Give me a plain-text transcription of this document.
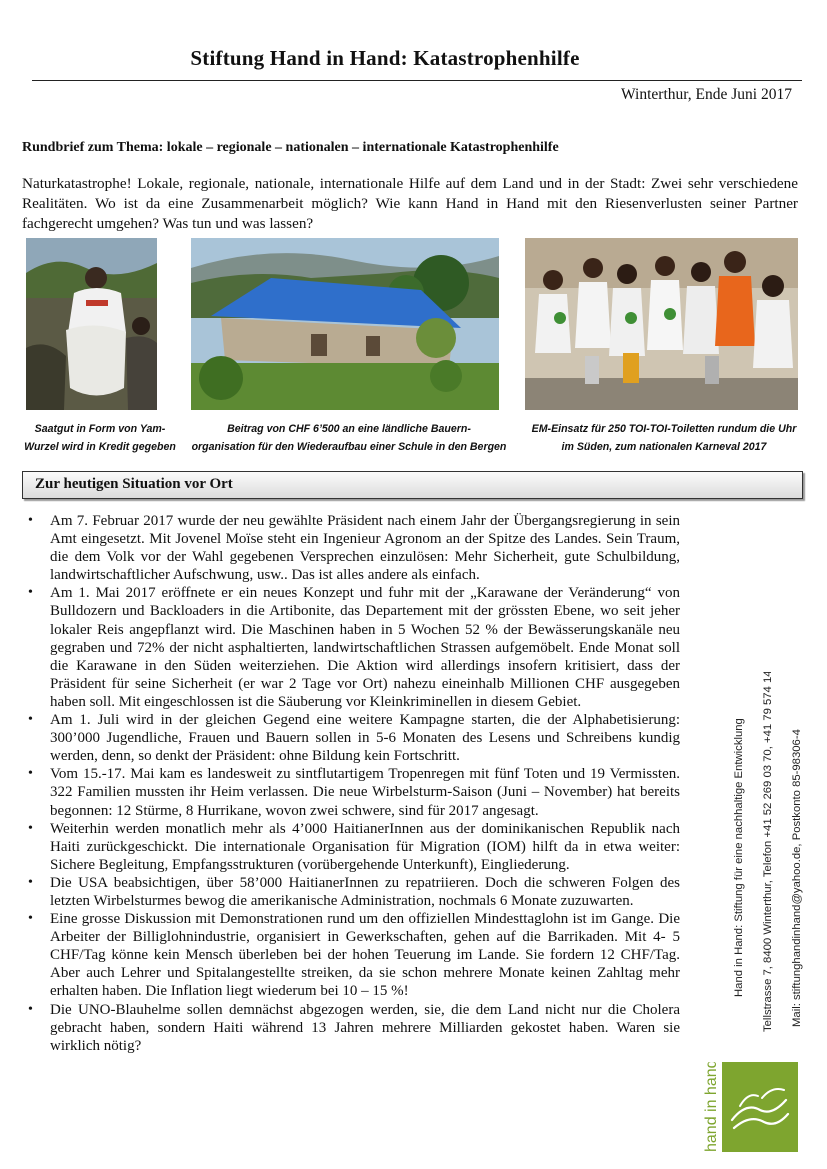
Stiftung Hand in Hand: Katastrophenhilfe
Winterthur, Ende Juni 2017
Rundbrief zum Thema: lokale – regionale – nationalen – internationale Katastrophenhilfe
Naturkatastrophe! Lokale, regionale, nationale, internationale Hilfe auf dem Land und in der Stadt: Zwei sehr verschiedene Realitäten. Wo ist da eine Zusammenarbeit möglich? Wie kann Hand in Hand mit den Riesenverlusten seiner Partner fachgerecht umgehen? Was tun und was lassen?
Saatgut in Form von Yam-
Wurzel wird in Kredit gegeben
Beitrag von CHF 6’500 an eine ländliche Bauern-
organisation für den Wiederaufbau einer Schule in den Bergen
EM-Einsatz für 250 TOI-TOI-Toiletten rundum die Uhr
im Süden, zum nationalen Karneval 2017
Zur heutigen Situation vor Ort
• Am 7. Februar 2017 wurde der neu gewählte Präsident nach einem Jahr der Übergangsregierung in sein Amt eingesetzt. Mit Jovenel Moïse steht ein Ingenieur Agronom an der Spitze des Landes. Sein Traum, die dem Volk vor der Wahl gegebenen Versprechen einzulösen: Mehr Sicherheit, gute Schulbildung, landwirtschaftlicher Aufschwung, usw.. Das ist alles andere als einfach.
• Am 1. Mai 2017 eröffnete er ein neues Konzept und fuhr mit der „Karawane der Veränderung“ von Bulldozern und Backloaders in die Artibonite, das Departement mit der grössten Ebene, wo seit jeher lokaler Reis angepflanzt wird. Die Maschinen haben in 5 Wochen 52 % der Bewässerungskanäle neu gegraben und 72% der nicht asphaltierten, landwirtschaftlichen Strassen aufgemöbelt. Ende Monat soll die Karawane in den Süden weiterziehen. Die Aktion wird allerdings insofern kritisiert, dass der Präsident für seine Sicherheit (er war 2 Tage vor Ort) nahezu eineinhalb Millionen CHF ausgegeben haben soll. Mit eingeschlossen ist die Säuberung vor Kleinkriminellen in diesem Gebiet.
• Am 1. Juli wird in der gleichen Gegend eine weitere Kampagne starten, die der Alphabetisierung: 300’000 Jugendliche, Frauen und Bauern sollen in 5-6 Monaten des Lesens und Schreibens kundig werden, denn, so denkt der Präsident: ohne Bildung kein Fortschritt.
• Vom 15.-17. Mai kam es landesweit zu sintflutartigem Tropenregen mit fünf Toten und 19 Vermissten. 322 Familien mussten ihr Heim verlassen. Die neue Wirbelsturm-Saison (Juni – November) hat bereits begonnen: 12 Stürme, 8 Hurrikane, wovon zwei schwere, sind für 2017 angesagt.
• Weiterhin werden monatlich mehr als 4’000 HaitianerInnen aus der dominikanischen Republik nach Haiti zurückgeschickt. Die internationale Organisation für Migration (IOM) hilft da in etwa weiter: Sichere Begleitung, Empfangsstrukturen (vorübergehende Unterkunft), Eingliederung.
• Die USA beabsichtigen, über 58’000 HaitianerInnen zu repatriieren. Doch die schweren Folgen des letzten Wirbelsturmes bewog die amerikanische Administration, nochmals 6 Monate zuzuwarten.
• Eine grosse Diskussion mit Demonstrationen rund um den offiziellen Mindesttaglohn ist im Gange. Die Arbeiter der Billiglohnindustrie, organisiert in Gewerkschaften, gehen auf die Barrikaden. Mit 4- 5 CHF/Tag könne kein Mensch überleben bei der hohen Teuerung im Lande. Sie fordern 12 CHF/Tag. Aber auch Lehrer und Spitalangestellte streiken, da sie schon mehrere Monate keinen Zahltag mehr erhalten haben. Die Inflation liegt wiederum bei 10 – 15 %!
• Die UNO-Blauhelme sollen demnächst abgezogen werden, sie, die dem Land nicht nur die Cholera gebracht haben, sondern Haiti während 13 Jahren mehrere Milliarden gekostet haben. Waren sie wirklich nötig?
Hand in Hand: Stiftung für eine nachhaltige Entwicklung Tellstrasse 7, 8400 Winterthur, Telefon +41 52 269 03 70, +41 79 574 14 76 Mail: stiftunghandinhand@yahoo.de, Postkonto 85-98306-4
hand in hand
